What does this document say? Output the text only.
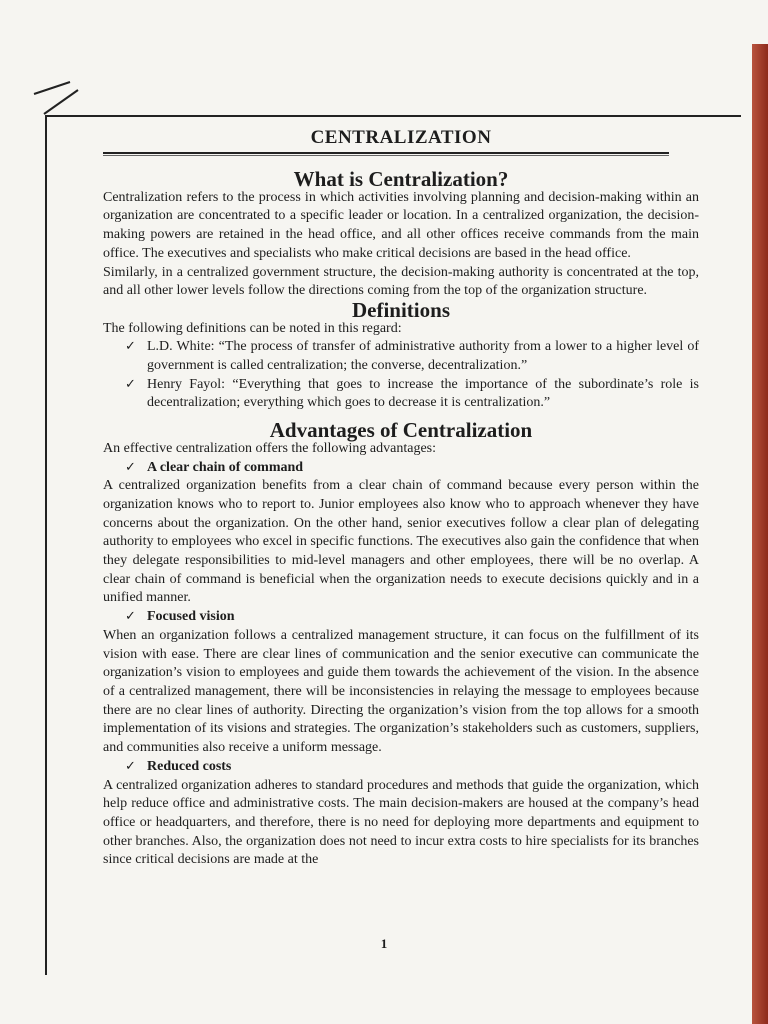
CENTRALIZATION
What is Centralization?

Centralization refers to the process in which activities involving planning and decision-making within an organization are concentrated to a specific leader or location. In a centralized organization, the decision-making powers are retained in the head office, and all other offices receive commands from the main office. The executives and specialists who make critical decisions are based in the head office.

Similarly, in a centralized government structure, the decision-making authority is concentrated at the top, and all other lower levels follow the directions coming from the top of the organization structure.

Definitions

The following definitions can be noted in this regard:

✓ L.D. White: “The process of transfer of administrative authority from a lower to a higher level of government is called centralization; the converse, decentralization.”
✓ Henry Fayol: “Everything that goes to increase the importance of the subordinate’s role is decentralization; everything which goes to decrease it is centralization.”
Advantages of Centralization

An effective centralization offers the following advantages:

✓ A clear chain of command

A centralized organization benefits from a clear chain of command because every person within the organization knows who to report to. Junior employees also know who to approach whenever they have concerns about the organization. On the other hand, senior executives follow a clear plan of delegating authority to employees who excel in specific functions. The executives also gain the confidence that when they delegate responsibilities to mid-level managers and other employees, there will be no overlap. A clear chain of command is beneficial when the organization needs to execute decisions quickly and in a unified manner.

✓ Focused vision

When an organization follows a centralized management structure, it can focus on the fulfillment of its vision with ease. There are clear lines of communication and the senior executive can communicate the organization’s vision to employees and guide them towards the achievement of the vision. In the absence of a centralized management, there will be inconsistencies in relaying the message to employees because there are no clear lines of authority. Directing the organization’s vision from the top allows for a smooth implementation of its visions and strategies. The organization’s stakeholders such as customers, suppliers, and communities also receive a uniform message.

✓ Reduced costs

A centralized organization adheres to standard procedures and methods that guide the organization, which help reduce office and administrative costs. The main decision-makers are housed at the company’s head office or headquarters, and therefore, there is no need for deploying more departments and equipment to other branches. Also, the organization does not need to incur extra costs to hire specialists for its branches since critical decisions are made at the

1
